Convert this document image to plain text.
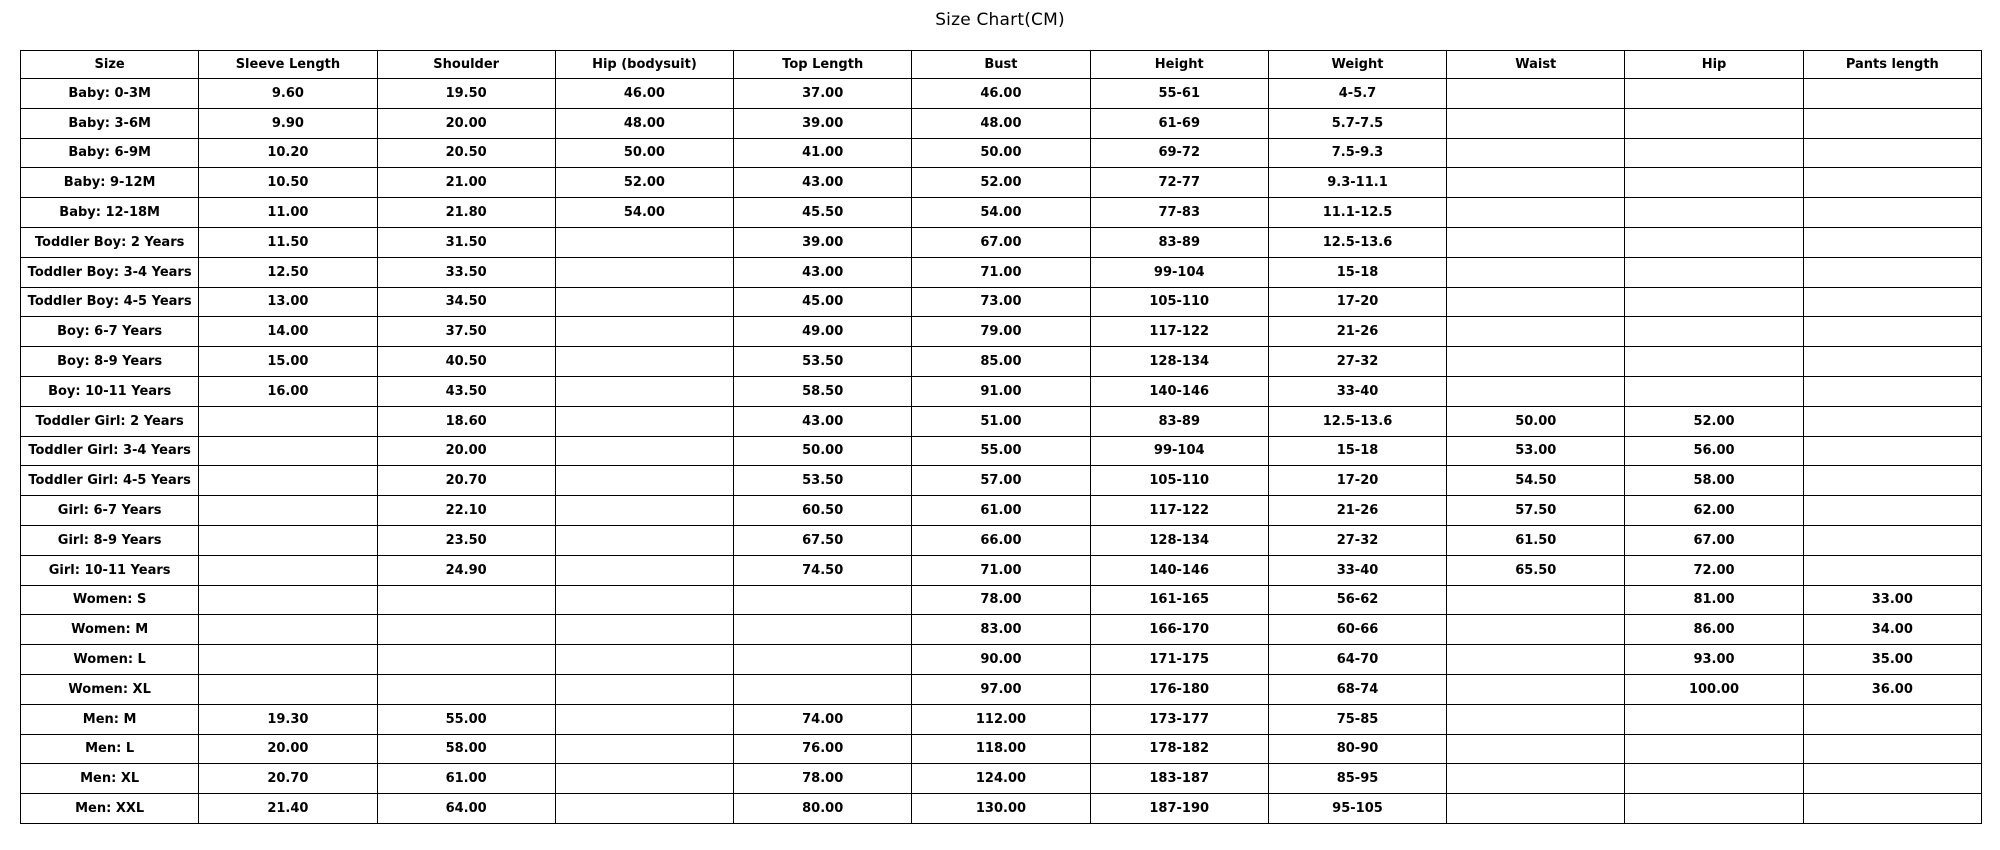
Size Chart(CM)
Size	Sleeve Length	Shoulder	Hip (bodysuit)	Top Length	Bust	Height	Weight	Waist	Hip	Pants length
Baby: 0-3M	9.60	19.50	46.00	37.00	46.00	55-61	4-5.7			
Baby: 3-6M	9.90	20.00	48.00	39.00	48.00	61-69	5.7-7.5			
Baby: 6-9M	10.20	20.50	50.00	41.00	50.00	69-72	7.5-9.3			
Baby: 9-12M	10.50	21.00	52.00	43.00	52.00	72-77	9.3-11.1			
Baby: 12-18M	11.00	21.80	54.00	45.50	54.00	77-83	11.1-12.5			
Toddler Boy: 2 Years	11.50	31.50		39.00	67.00	83-89	12.5-13.6			
Toddler Boy: 3-4 Years	12.50	33.50		43.00	71.00	99-104	15-18			
Toddler Boy: 4-5 Years	13.00	34.50		45.00	73.00	105-110	17-20			
Boy: 6-7 Years	14.00	37.50		49.00	79.00	117-122	21-26			
Boy: 8-9 Years	15.00	40.50		53.50	85.00	128-134	27-32			
Boy: 10-11 Years	16.00	43.50		58.50	91.00	140-146	33-40			
Toddler Girl: 2 Years		18.60		43.00	51.00	83-89	12.5-13.6	50.00	52.00	
Toddler Girl: 3-4 Years		20.00		50.00	55.00	99-104	15-18	53.00	56.00	
Toddler Girl: 4-5 Years		20.70		53.50	57.00	105-110	17-20	54.50	58.00	
Girl: 6-7 Years		22.10		60.50	61.00	117-122	21-26	57.50	62.00	
Girl: 8-9 Years		23.50		67.50	66.00	128-134	27-32	61.50	67.00	
Girl: 10-11 Years		24.90		74.50	71.00	140-146	33-40	65.50	72.00	
Women: S					78.00	161-165	56-62		81.00	33.00
Women: M					83.00	166-170	60-66		86.00	34.00
Women: L					90.00	171-175	64-70		93.00	35.00
Women: XL					97.00	176-180	68-74		100.00	36.00
Men: M	19.30	55.00		74.00	112.00	173-177	75-85			
Men: L	20.00	58.00		76.00	118.00	178-182	80-90			
Men: XL	20.70	61.00		78.00	124.00	183-187	85-95			
Men: XXL	21.40	64.00		80.00	130.00	187-190	95-105			
